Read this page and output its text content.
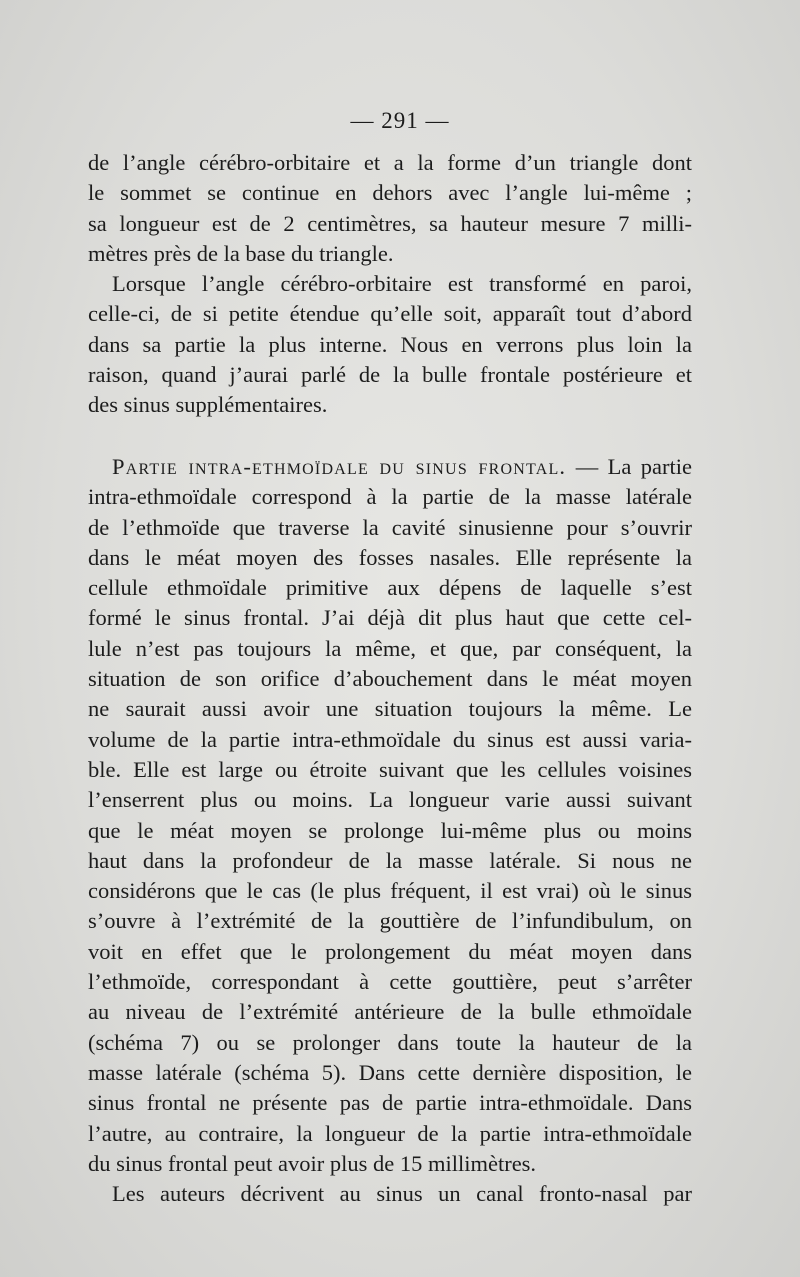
— 291 —
de l’angle cérébro-orbitaire et a la forme d’un triangle dont
le sommet se continue en dehors avec l’angle lui-même ;
sa longueur est de 2 centimètres, sa hauteur mesure 7 milli-
mètres près de la base du triangle.
Lorsque l’angle cérébro-orbitaire est transformé en paroi,
celle-ci, de si petite étendue qu’elle soit, apparaît tout d’abord
dans sa partie la plus interne. Nous en verrons plus loin la
raison, quand j’aurai parlé de la bulle frontale postérieure et
des sinus supplémentaires.
Partie intra-ethmoïdale du sinus frontal. — La partie
intra-ethmoïdale correspond à la partie de la masse latérale
de l’ethmoïde que traverse la cavité sinusienne pour s’ouvrir
dans le méat moyen des fosses nasales. Elle représente la
cellule ethmoïdale primitive aux dépens de laquelle s’est
formé le sinus frontal. J’ai déjà dit plus haut que cette cel-
lule n’est pas toujours la même, et que, par conséquent, la
situation de son orifice d’abouchement dans le méat moyen
ne saurait aussi avoir une situation toujours la même. Le
volume de la partie intra-ethmoïdale du sinus est aussi varia-
ble. Elle est large ou étroite suivant que les cellules voisines
l’enserrent plus ou moins. La longueur varie aussi suivant
que le méat moyen se prolonge lui-même plus ou moins
haut dans la profondeur de la masse latérale. Si nous ne
considérons que le cas (le plus fréquent, il est vrai) où le sinus
s’ouvre à l’extrémité de la gouttière de l’infundibulum, on
voit en effet que le prolongement du méat moyen dans
l’ethmoïde, correspondant à cette gouttière, peut s’arrêter
au niveau de l’extrémité antérieure de la bulle ethmoïdale
(schéma 7) ou se prolonger dans toute la hauteur de la
masse latérale (schéma 5). Dans cette dernière disposition, le
sinus frontal ne présente pas de partie intra-ethmoïdale. Dans
l’autre, au contraire, la longueur de la partie intra-ethmoïdale
du sinus frontal peut avoir plus de 15 millimètres.
Les auteurs décrivent au sinus un canal fronto-nasal par
